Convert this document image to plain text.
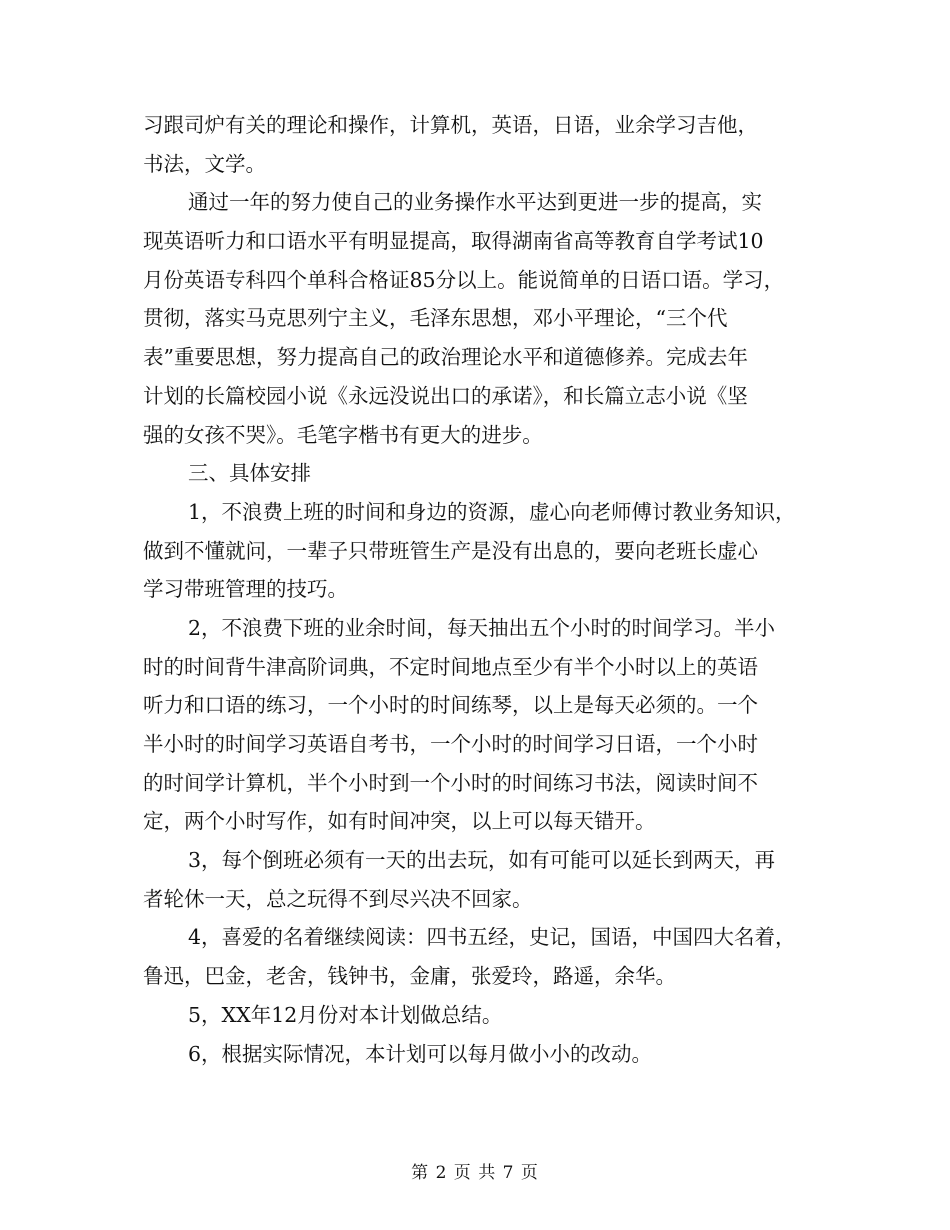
习跟司炉有关的理论和操作，计算机，英语，日语，业余学习吉他，
书法，文学。

通过一年的努力使自己的业务操作水平达到更进一步的提高，实
现英语听力和口语水平有明显提高，取得湖南省高等教育自学考试10
月份英语专科四个单科合格证85分以上。能说简单的日语口语。学习，
贯彻，落实马克思列宁主义，毛泽东思想，邓小平理论，“三个代
表”重要思想，努力提高自己的政治理论水平和道德修养。完成去年
计划的长篇校园小说《永远没说出口的承诺》，和长篇立志小说《坚
强的女孩不哭》。毛笔字楷书有更大的进步。

三、具体安排

1，不浪费上班的时间和身边的资源，虚心向老师傅讨教业务知识，
做到不懂就问，一辈子只带班管生产是没有出息的，要向老班长虚心
学习带班管理的技巧。

2，不浪费下班的业余时间，每天抽出五个小时的时间学习。半小
时的时间背牛津高阶词典，不定时间地点至少有半个小时以上的英语
听力和口语的练习，一个小时的时间练琴，以上是每天必须的。一个
半小时的时间学习英语自考书，一个小时的时间学习日语，一个小时
的时间学计算机，半个小时到一个小时的时间练习书法，阅读时间不
定，两个小时写作，如有时间冲突，以上可以每天错开。

3，每个倒班必须有一天的出去玩，如有可能可以延长到两天，再
者轮休一天，总之玩得不到尽兴决不回家。

4，喜爱的名着继续阅读：四书五经，史记，国语，中国四大名着，
鲁迅，巴金，老舍，钱钟书，金庸，张爱玲，路遥，余华。

5，XX年12月份对本计划做总结。

6，根据实际情况，本计划可以每月做小小的改动。

第 2 页 共 7 页
